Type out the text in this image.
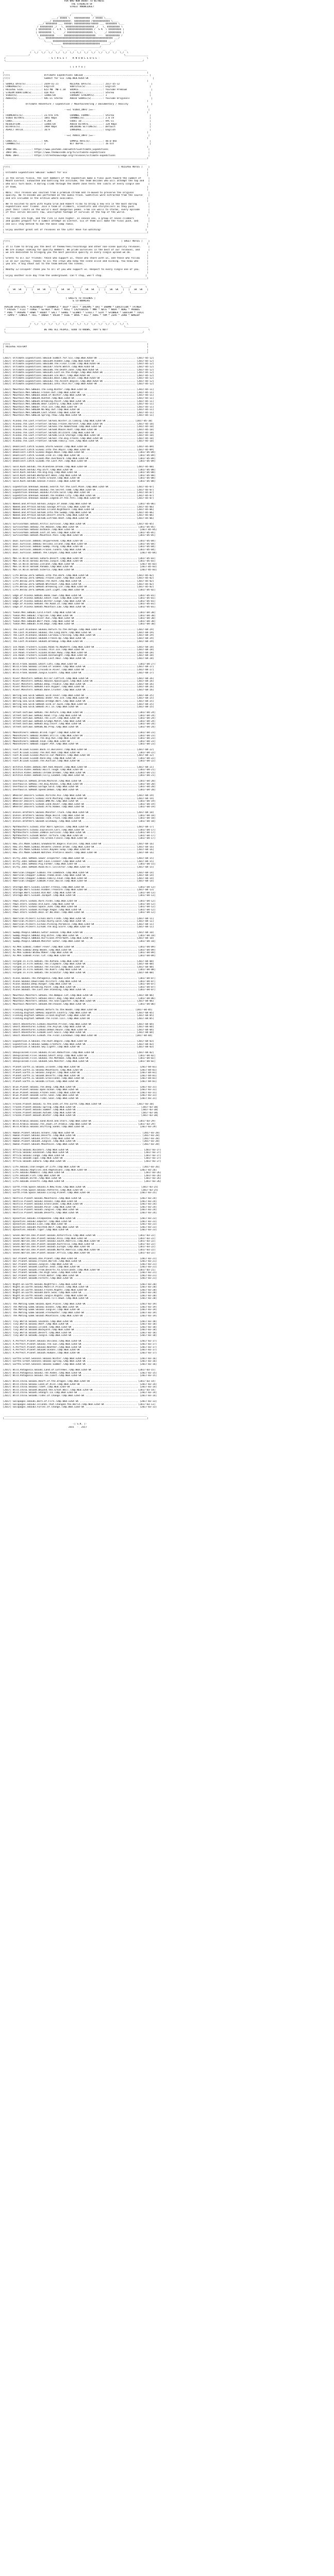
FOR WHO NOW DOUBT TO WITNESS
THE STRENGTH OF
STREET KNOWLEDGE?
______________
_______ /              \ _______
____/ $$$$$ \   $$$$$$$$$$$  / $$$$$ \____
____/ $$$$$$$$$$$$\  $$$$$$$$$$$ /$$$$$$$$$$$$ \____
___/ $$$$$$$$ ___ $$$$$\ $$$$$$$$$$$/$$$$$ ___ $$$$$$$$ \___
/ $$$$$$$$$ _/   \_ $$$$$$$$$$$$$$$$$$$$ _/   \_ $$$$$$$$$ \
| $$$$$$$$$ /  S K  \ $$$$$$$$$$$$$$$$$$ /  S K  \ $$$$$$$$$ |
| $$$$$$$$$ \_     _/ $$$$$$$$$$$$$$$$$$ \_     _/ $$$$$$$$$ |
\ $$$$$$$$$$  ---  $$$$$$$$$$$$$$$$$$$$$$  ---  $$$$$$$$$$ /
\___ $$$$$$$$$$$$$$$$$$$$$$$$$$$$$$$$$$$$$$$$$$$$$$$ ___/
\____ $$$$$$$$$$$$$$$$$$$$$$$$$$$$$$$$$$$$$$ ____/
\______ $$$$$$$$$$$$$$$$$$$$$$$$$$ ______/
\__________________________/
__   __   __   __   __   __   __   __   __   __   __   __   __   __
/  \_/  \_/  \_/  \_/  \_/  \_/  \_/  \_/  \_/  \_/  \_/  \_/  \_/  \
________________/                                                                  \________________
/                              - S T R E E T    K N O W L E D G E -                                 \
\________________________________________________________________________________________________/
[ i n f o ]
____________________________________________________________________________________________________
|                                                                                                    |
|\\\\                        Ultimate Expeditions S0E1E0 ............................................. |
|\\\\                        Summit for Six 720p.WEB.H264-SK                                             |
|                                                                                                    |
| SOURCE DATE(S)...........: 2oo9-o1-21        RELEASE DATE(S)........: 2o17-o5-12                      |
| LANGUAGE(S)..............: English           SUBTITLE(S)............: English                        |
| RELEASE SIZE.............: 623 MB  MB-1.18   SOURCE.................: YouTube Premium                 |
| STREAM DURATION(S).......: 42m Min           STREAM(S)..............: Stereo                         |
| VIDEO(S).................: 1280x720          CURRENT STREAM(S)......: 1                              |
| AUDIO(S).................: AAC-LC Stereo     AUDIO SOURCE(S)........: YouTube Originals               |
|                                                                                                    |
|               Ultimate Adventure / Expedition / Mountaineering / Documentary / Reality                |
|                                                                                                    |
|                                          --==[ VIDEO_INFO ]==--                                     |
|                                                                                                    |
| FRAMERATE(S).............: 23.976 FPS        CHANNEL FORMAT.........: Stereo                         |
| VIDEO BITRATE............: 1841 Kbps         CHANNEL(S).............: 2.0 ch                         |
| CODEC....................: H.264             CODEC ID...............: AAC-LC                         |
| RESOLUTION...............: 1280x720          AUDIO BITRATE..........: 128 Kbps                       |
| BITRATE(S)...............: 1969 Kbps         ENCODING SETTING(S)....: Default                        |
| ASPECT RATIO.............: 16:9              LANGUAGE...............: English                        |
|                                                                                                    |
|                                          --==[ AUDIO_INFO ]==--                                     |
|                                                                                                    |
| CODEC(S).................: AAC               SAMPLE RATE(S).........: 48.0 kHz                       |
| CHANNEL(S)...............: 2                 BIT DEPTH..............: 16 bit                         |
|                                                                                                    |
| IMDB URL..........: https://www.youtube.com/watch?v=Ultimate_Expeditions                            |
| INFO URL..........: https://www.themoviedb.org/tv/ultimate-expeditions                              |
| MORE INFO.........: https://streetknowledge.org/releases/ultimate-expeditions                       |
|____________________________________________________________________________________________________|
____________________________________________________________________________________________________
|\\\\                                                                            [ RELEASE NOTES ]    |
|                                                                                                    |
| Ultimate Expeditions S0E1E0: Summit for Six                                                        |
|                                                                                                    |
| In the series finale, the last members of the expedition make a final push toward the summit of     |
| Mount Everest. Exhausted and battling the altitude, the team decides who will attempt the top and   |
| who will turn back. A daring climb through the death zone tests the limits of every single one      |
| of them.                                                                                           |
|                                                                                                    |
| NOTE: This release was sourced from a premium stream and re-muxed to preserve the original          |
| quality. No re-encode was performed on the audio track. Subtitles were extracted from the source    |
| and are included in the archive where available.                                                   |
|                                                                                                    |
| We're excited to work with Alpha Grid and Robert Films to bring a new era in the most daring        |
| expeditions ever filmed. Join a team of climbers, scientists and storytellers as they push          |
| past their limits on the world's most dangerous peaks. From ice walls to storms, every episode      |
| of this series delivers raw, unscripted footage of survival at the top of the world.                |
|                                                                                                    |
| The climbs are high, and the risk is even higher. In season one, a group of seven climbers          |
| and guides prepare for a summit attempt on Everest. Six of them will make the final push, and       |
| one will stay behind to man the base camp radio.                                                   |
|                                                                                                    |
| Enjoy another great set of releases on the 12th! Have fun watching!                               |
|____________________________________________________________________________________________________|
____________________________________________________________________________________________________
|\\\\                                                                              [ GREET NOTES ]    |
|                                                                                                    |
| It is time to bring you the best of theme/reel/recordings and other non-scene quality releases.     |
| We are always looking for quality members. We pride ourselves in the best of our releases, and      |
| we are dedicated to bringing you the best possible quality in every single upload we do.           |
|                                                                                                    |
| Greets to all our friends: those who support us, those who share with us, and those who follow     |
| us on our journey. Thanks to all the crews who keep the scene alive and kicking. You know who      |
| you are. A big shout out to the team behind the scenes.                                            |
|                                                                                                    |
| Nearby 12-inlayed? Thank you to all of you who support us. Respect to every single one of you.     |
|                                                                                                    |
| Enjoy another nice day from the underground. Can't stop, won't stop.                              |
|____________________________________________________________________________________________________|
__________       __________       __________       __________       __________       __________
/          \_____/          \_____/          \_____/          \_____/          \_____/          \
|   SK  SK   |   |   SK  SK   |   |   SK  SK   |   |   SK  SK   |   |   SK  SK   |   |   SK  SK   |
\__________/     \__________/     \__________/     \__________/     \__________/     \__________/
[ GREETS TO FRIENDS ]
& CO-WORKERS
____________
AVALON 4POSTERS * ACHERWOLD * CROWNPLO * DEEP * DEFT * DREAMS * DRI * DUBMW * EDUCATION * FATNER
* FRIGUS * FIZZ * FORGE * GETHER * HEAT * KOGI * LAZYCHAIRS * MMR * NATE * NOVA * NUKE * PHOBOS
* POKE * PRAGMA * RAWR * RUDDY * SALT * SHAKE * SLUNKY * STRICT * SLAY * SPINNER * SUBTEAM * TOXIC
* TEMPO * TINKER * TOLL * UNDER * VALOR * VIBE * WAVE * WIZ * XORG * YUM * ZERO * ZORB * WAKEUP
__   __   __   __   __   __   __   __   __   __   __   __   __   __
/  \_/  \_/  \_/  \_/  \_/  \_/  \_/  \_/  \_/  \_/  \_/  \_/  \_/  \
________________/                                                                  \________________
/                           WE ARE ALL PEOPLE, GOOD TO KNOWS, THAT'S NOT!                            \
\________________________________________________________________________________________________/
____________________________________________________________________________________________________
|\\\\                                                                                                |
| RELEASE HISTORY                                                                                    |
|                                                                                                    |
|____________________________________________________________________________________________________|
[2017] Ultimate.Expeditions.S0E1E0.Summit.for.Six.720p.WEB.H264-SK .......................... [2017-05-12]
[2017] Ultimate.Expeditions.S0E1E09.Hidden.Camp.720p.WEB.H264-SK ............................ [2017-05-12]
[2017] Ultimate.Expeditions.S0E1E08.The.Final.Climb.720p.WEB.H264-SK ........................ [2017-05-12]
[2017] Ultimate.Expeditions.S0E1E07.Storm.Watch.720p.WEB.H264-SK ............................ [2017-05-12]
[2017] Ultimate.Expeditions.S0E1E06.The.Death.Zone.720p.WEB.H264-SK ......................... [2017-05-12]
[2017] Ultimate.Expeditions.S0E1E05.Lost.on.the.Ridge.720p.WEB.H264-SK ...................... [2017-05-12]
[2017] Ultimate.Expeditions.S0E1E04.Ice.Wall.720p.WEB.H264-SK ............................... [2017-05-12]
[2017] Ultimate.Expeditions.S0E1E03.Base.Camp.Blues.720p.WEB.H264-SK ........................ [2017-05-12]
[2017] Ultimate.Expeditions.S0E1E02.The.Ascent.Begins.720p.WEB.H264-SK ...................... [2017-05-12]
[2017] Ultimate.Expeditions.S0E1E01.Into.Thin.Air.720p.WEB.H264-SK .......................... [2017-05-12]
[2017] Mountain.Men.S06E01.The.Long.Winter.720p.WEB.x264-SK ................................. [2017-05-11]
[2017] Mountain.Men.S06E02.Frozen.Out.720p.WEB.x264-SK ...................................... [2017-05-11]
[2017] Mountain.Men.S06E03.Dead.of.Winter.720p.WEB.x264-SK .................................. [2017-05-11]
[2017] Mountain.Men.S06E04.Hunted.720p.WEB.x264-SK .......................................... [2017-05-11]
[2017] Mountain.Men.S06E05.Breaking.Point.720p.WEB.x264-SK .................................. [2017-05-11]
[2017] Mountain.Men.S06E06.Bear.Country.720p.WEB.x264-SK .................................... [2017-05-11]
[2017] Mountain.Men.S06E07.Thin.Ice.720p.WEB.x264-SK ........................................ [2017-05-11]
[2017] Mountain.Men.S06E08.No.Way.Out.720p.WEB.x264-SK ...................................... [2017-05-11]
[2017] Mountain.Men.S06E09.Last.Stand.720p.WEB.x264-SK ...................................... [2017-05-11]
[2017] Mountain.Men.S06E10.Spring.Thaw.720p.WEB.x264-SK ..................................... [2017-05-11]
[2017] Alaska.The.Last.Frontier.S07E01.Winter.Is.Coming.720p.WEB.x264-SK ................... [2017-05-10]
[2017] Alaska.The.Last.Frontier.S07E02.Frozen.Harvest.720p.WEB.x264-SK ...................... [2017-05-10]
[2017] Alaska.The.Last.Frontier.S07E03.The.Homestead.720p.WEB.x264-SK ....................... [2017-05-10]
[2017] Alaska.The.Last.Frontier.S07E04.Moose.Hunt.720p.WEB.x264-SK .......................... [2017-05-10]
[2017] Alaska.The.Last.Frontier.S07E05.Blizzard.720p.WEB.x264-SK ............................ [2017-05-10]
[2017] Alaska.The.Last.Frontier.S07E06.Cold.Storage.720p.WEB.x264-SK ........................ [2017-05-10]
[2017] Alaska.The.Last.Frontier.S07E07.The.Big.Freeze.720p.WEB.x264-SK ...................... [2017-05-10]
[2017] Alaska.The.Last.Frontier.S07E08.Family.Ties.720p.WEB.x264-SK ......................... [2017-05-10]
[2017] Deadliest.Catch.S13E01.Storm.Season.720p.WEB.x264-SK ................................. [2017-05-09]
[2017] Deadliest.Catch.S13E02.Into.the.Abyss.720p.WEB.x264-SK ............................... [2017-05-09]
[2017] Deadliest.Catch.S13E03.Rogue.Wave.720p.WEB.x264-SK .................................... [2017-05-09]
[2017] Deadliest.Catch.S13E04.Iced.In.720p.WEB.x264-SK ....................................... [2017-05-09]
[2017] Deadliest.Catch.S13E05.Man.Overboard.720p.WEB.x264-SK ................................. [2017-05-09]
[2017] Deadliest.Catch.S13E06.The.Last.Pot.720p.WEB.x264-SK .................................. [2017-05-09]
[2017] Gold.Rush.S07E01.The.Klondike.Dream.720p.WEB.x264-SK ................................. [2017-05-08]
[2017] Gold.Rush.S07E02.Pay.Dirt.720p.WEB.x264-SK ............................................ [2017-05-08]
[2017] Gold.Rush.S07E03.The.Big.Dig.720p.WEB.x264-SK ......................................... [2017-05-08]
[2017] Gold.Rush.S07E04.Washplant.Woes.720p.WEB.x264-SK ...................................... [2017-05-08]
[2017] Gold.Rush.S07E05.Frozen.Ground.720p.WEB.x264-SK ....................................... [2017-05-08]
[2017] Gold.Rush.S07E06.Season.Finale.720p.WEB.x264-SK ....................................... [2017-05-08]
[2017] Expedition.Unknown.S03E01.Search.for.the.Lost.Mine.720p.WEB.x264-SK .................. [2017-05-07]
[2017] Expedition.Unknown.S03E02.The.Secret.Tomb.720p.WEB.x264-SK ........................... [2017-05-07]
[2017] Expedition.Unknown.S03E03.Pirate.Gold.720p.WEB.x264-SK ............................... [2017-05-07]
[2017] Expedition.Unknown.S03E04.The.Hidden.City.720p.WEB.x264-SK ........................... [2017-05-07]
[2017] Expedition.Unknown.S03E05.Legend.of.the.Yeti.720p.WEB.x264-SK ........................ [2017-05-07]
[2017] Naked.and.Afraid.S07E01.Jungle.of.Doom.720p.WEB.x264-SK ............................... [2017-05-06]
[2017] Naked.and.Afraid.S07E02.Savage.Africa.720p.WEB.x264-SK ............................... [2017-05-06]
[2017] Naked.and.Afraid.S07E03.Island.Nightmare.720p.WEB.x264-SK ............................ [2017-05-06]
[2017] Naked.and.Afraid.S07E04.Into.the.Swamp.720p.WEB.x264-SK .............................. [2017-05-06]
[2017] Naked.and.Afraid.S07E05.Desert.Storm.720p.WEB.x264-SK ................................ [2017-05-06]
[2017] Naked.and.Afraid.S07E06.Extreme.Heat.720p.WEB.x264-SK ................................ [2017-05-06]
[2017] Survivorman.S05E01.Arctic.Survival.720p.WEB.x264-SK .................................. [2017-05-05]
[2017] Survivorman.S05E02.The.Amazon.720p.WEB.x264-SK ........................................ [2017-05-05]
[2017] Survivorman.S05E03.Outback.720p.WEB.x264-SK ............................................ [2017-05-05]
[2017] Survivorman.S05E04.Lost.at.Sea.720p.WEB.x264-SK ....................................... [2017-05-05]
[2017] Survivorman.S05E05.Mountain.Pass.720p.WEB.x264-SK ..................................... [2017-05-05]
[2017] Dual.Survival.S08E01.Shipwrecked.720p.WEB.x264-SK ..................................... [2017-05-04]
[2017] Dual.Survival.S08E02.Volcano.Island.720p.WEB.x264-SK .................................. [2017-05-04]
[2017] Dual.Survival.S08E03.Swamp.Thing.720p.WEB.x264-SK ..................................... [2017-05-04]
[2017] Dual.Survival.S08E04.Frozen.Tundra.720p.WEB.x264-SK ................................... [2017-05-04]
[2017] Dual.Survival.S08E05.The.Canyon.720p.WEB.x264-SK ....................................... [2017-05-04]
[2017] Man.vs.Wild.S07E01.Sahara.Desert.720p.WEB.x264-SK ..................................... [2017-05-03]
[2017] Man.vs.Wild.S07E02.Borneo.Jungle.720p.WEB.x264-SK ..................................... [2017-05-03]
[2017] Man.vs.Wild.S07E03.Iceland.720p.WEB.x264-SK ............................................ [2017-05-03]
[2017] Man.vs.Wild.S07E04.Panama.720p.WEB.x264-SK ............................................. [2017-05-03]
[2017] Man.vs.Wild.S07E05.Siberia.720p.WEB.x264-SK ............................................ [2017-05-03]
[2017] Life.Below.Zero.S09E01.Into.the.Dark.720p.WEB.x264-SK ................................ [2017-05-02]
[2017] Life.Below.Zero.S09E02.Frozen.Lake.720p.WEB.x264-SK .................................. [2017-05-02]
[2017] Life.Below.Zero.S09E03.The.Hunt.720p.WEB.x264-SK ..................................... [2017-05-02]
[2017] Life.Below.Zero.S09E04.Whiteout.720p.WEB.x264-SK ..................................... [2017-05-02]
[2017] Life.Below.Zero.S09E05.Breaking.Ice.720p.WEB.x264-SK ................................. [2017-05-02]
[2017] Life.Below.Zero.S09E06.Last.Light.720p.WEB.x264-SK .................................... [2017-05-02]
[2017] Edge.of.Alaska.S04E01.Boom.Town.720p.WEB.x264-SK ...................................... [2017-05-01]
[2017] Edge.of.Alaska.S04E02.Ghost.Town.720p.WEB.x264-SK ..................................... [2017-05-01]
[2017] Edge.of.Alaska.S04E03.Winter.Siege.720p.WEB.x264-SK ................................... [2017-05-01]
[2017] Edge.of.Alaska.S04E04.The.Road.In.720p.WEB.x264-SK .................................... [2017-05-01]
[2017] Edge.of.Alaska.S04E05.Mountain.Law.720p.WEB.x264-SK ................................... [2017-05-01]
[2017] Yukon.Men.S06E01.Cold.Front.720p.WEB.x264-SK .......................................... [2017-04-30]
[2017] Yukon.Men.S06E02.Trapline.720p.WEB.x264-SK ............................................ [2017-04-30]
[2017] Yukon.Men.S06E03.River.Run.720p.WEB.x264-SK ........................................... [2017-04-30]
[2017] Yukon.Men.S06E04.Wolf.Pack.720p.WEB.x264-SK ........................................... [2017-04-30]
[2017] Yukon.Men.S06E05.Sled.Dogs.720p.WEB.x264-SK ........................................... [2017-04-30]
[2017] The.Last.Alaskans.S03E01.Return.to.the.Refuge.720p.WEB.x264-SK ....................... [2017-04-29]
[2017] The.Last.Alaskans.S03E02.The.Long.Dark.720p.WEB.x264-SK .............................. [2017-04-29]
[2017] The.Last.Alaskans.S03E03.Caribou.Crossing.720p.WEB.x264-SK ........................... [2017-04-29]
[2017] The.Last.Alaskans.S03E04.Freeze.Up.720p.WEB.x264-SK .................................. [2017-04-29]
[2017] The.Last.Alaskans.S03E05.Breakup.720p.WEB.x264-SK .................................... [2017-04-29]
[2017] Ice.Road.Truckers.S11E01.Road.to.Nowhere.720p.WEB.x264-SK ............................ [2017-04-28]
[2017] Ice.Road.Truckers.S11E02.Thin.Ice.720p.WEB.x264-SK ................................... [2017-04-28]
[2017] Ice.Road.Truckers.S11E03.Blown.Away.720p.WEB.x264-SK ................................. [2017-04-28]
[2017] Ice.Road.Truckers.S11E04.Overweight.720p.WEB.x264-SK ................................. [2017-04-28]
[2017] Ice.Road.Truckers.S11E05.Last.Haul.720p.WEB.x264-SK .................................. [2017-04-28]
[2017] Wild.Frank.S03E01.Ghost.Cats.720p.WEB.x264-SK ......................................... [2017-04-27]
[2017] Wild.Frank.S03E02.Island.of.Snakes.720p.WEB.x264-SK .................................. [2017-04-27]
[2017] Wild.Frank.S03E03.Crocodile.River.720p.WEB.x264-SK ................................... [2017-04-27]
[2017] Wild.Frank.S03E04.Jungle.Giants.720p.WEB.x264-SK ..................................... [2017-04-27]
[2017] River.Monsters.S09E01.Killer.Catfish.720p.WEB.x264-SK ................................ [2017-04-26]
[2017] River.Monsters.S09E02.Amazon.Apocalypse.720p.WEB.x264-SK ............................. [2017-04-26]
[2017] River.Monsters.S09E03.Deep.Trouble.720p.WEB.x264-SK .................................. [2017-04-26]
[2017] River.Monsters.S09E04.Face.Ripper.720p.WEB.x264-SK ................................... [2017-04-26]
[2017] River.Monsters.S09E05.Bone.Crusher.720p.WEB.x264-SK .................................. [2017-04-26]
[2017] Bering.Sea.Gold.S08E01.Gold.Fever.720p.WEB.x264-SK ................................... [2017-04-25]
[2017] Bering.Sea.Gold.S08E02.Under.the.Ice.720p.WEB.x264-SK ................................ [2017-04-25]
[2017] Bering.Sea.Gold.S08E03.Dredge.Wars.720p.WEB.x264-SK .................................. [2017-04-25]
[2017] Bering.Sea.Gold.S08E04.Sink.or.Swim.720p.WEB.x264-SK ................................. [2017-04-25]
[2017] Bering.Sea.Gold.S08E05.All.In.720p.WEB.x264-SK ....................................... [2017-04-25]
[2017] Street.Outlaws.S09E01.The.Return.720p.WEB.x264-SK ..................................... [2017-04-24]
[2017] Street.Outlaws.S09E02.Road.Trip.720p.WEB.x264-SK ...................................... [2017-04-24]
[2017] Street.Outlaws.S09E03.The.List.720p.WEB.x264-SK ....................................... [2017-04-24]
[2017] Street.Outlaws.S09E04.Grudge.Match.720p.WEB.x264-SK ................................... [2017-04-24]
[2017] Street.Outlaws.S09E05.Big.Chief.720p.WEB.x264-SK ...................................... [2017-04-24]
[2017] Street.Outlaws.S09E06.No.Prep.720p.WEB.x264-SK ........................................ [2017-04-24]
[2017] Moonshiners.S06E01.Blind.Tiger.720p.WEB.x264-SK ....................................... [2017-04-23]
[2017] Moonshiners.S06E02.Hidden.Stills.720p.WEB.x264-SK ..................................... [2017-04-23]
[2017] Moonshiners.S06E03.The.Big.Run.720p.WEB.x264-SK ....................................... [2017-04-23]
[2017] Moonshiners.S06E04.Feud.720p.WEB.x264-SK .............................................. [2017-04-23]
[2017] Moonshiners.S06E05.Copper.Pot.720p.WEB.x264-SK ........................................ [2017-04-23]
[2017] Fast.N.Loud.S11E01.Back.in.Business.720p.WEB.x264-SK ................................. [2017-04-22]
[2017] Fast.N.Loud.S11E02.The.Rat.Rod.720p.WEB.x264-SK ....................................... [2017-04-22]
[2017] Fast.N.Loud.S11E03.Muscle.Car.Madness.720p.WEB.x264-SK ............................... [2017-04-22]
[2017] Fast.N.Loud.S11E04.Race.Day.720p.WEB.x264-SK .......................................... [2017-04-22]
[2017] Fast.N.Loud.S11E05.The.Auction.720p.WEB.x264-SK ....................................... [2017-04-22]
[2017] Bitchin.Rides.S04E01.Hot.Rod.Heaven.720p.WEB.x264-SK ................................. [2017-04-21]
[2017] Bitchin.Rides.S04E02.Built.Tough.720p.WEB.x264-SK ..................................... [2017-04-21]
[2017] Bitchin.Rides.S04E03.Chrome.Dreams.720p.WEB.x264-SK ................................... [2017-04-21]
[2017] Bitchin.Rides.S04E04.Fully.Loaded.720p.WEB.x264-SK .................................... [2017-04-21]
[2017] Overhaulin.S09E01.Dream.Machine.720p.WEB.x264-SK ...................................... [2017-04-20]
[2017] Overhaulin.S09E02.The.Big.Reveal.720p.WEB.x264-SK ..................................... [2017-04-20]
[2017] Overhaulin.S09E03.Garage.Gold.720p.WEB.x264-SK ........................................ [2017-04-20]
[2017] Overhaulin.S09E04.Speed.Demon.720p.WEB.x264-SK ........................................ [2017-04-20]
[2017] Wheeler.Dealers.S14E01.Porsche.911.720p.WEB.x264-SK .................................. [2017-04-19]
[2017] Wheeler.Dealers.S14E02.Ford.Mustang.720p.WEB.x264-SK ................................. [2017-04-19]
[2017] Wheeler.Dealers.S14E03.BMW.M3.720p.WEB.x264-SK ........................................ [2017-04-19]
[2017] Wheeler.Dealers.S14E04.Land.Rover.720p.WEB.x264-SK .................................... [2017-04-19]
[2017] Wheeler.Dealers.S14E05.Alfa.Romeo.720p.WEB.x264-SK .................................... [2017-04-19]
[2017] Diesel.Brothers.S02E01.Monster.Truck.720p.WEB.x264-SK ................................ [2017-04-18]
[2017] Diesel.Brothers.S02E02.Mega.Build.720p.WEB.x264-SK .................................... [2017-04-18]
[2017] Diesel.Brothers.S02E03.Tank.Truck.720p.WEB.x264-SK .................................... [2017-04-18]
[2017] Diesel.Brothers.S02E04.Giveaway.720p.WEB.x264-SK ...................................... [2017-04-18]
[2017] Mythbusters.S15E01.Star.Wars.Special.720p.WEB.x264-SK ................................ [2017-04-17]
[2017] Mythbusters.S15E02.Explosive.Cars.720p.WEB.x264-SK .................................... [2017-04-17]
[2017] Mythbusters.S15E03.Zombie.Survival.720p.WEB.x264-SK ................................... [2017-04-17]
[2017] Mythbusters.S15E04.Water.Torture.720p.WEB.x264-SK ..................................... [2017-04-17]
[2017] Mythbusters.S15E05.The.Grand.Finale.720p.WEB.x264-SK .................................. [2017-04-17]
[2017] How.Its.Made.S28E01.Snowboards.Bagels.Violins.720p.WEB.x264-SK ....................... [2017-04-16]
[2017] How.Its.Made.S28E02.Helmets.Cheese.Drums.720p.WEB.x264-SK ............................ [2017-04-16]
[2017] How.Its.Made.S28E03.Glass.Kayaks.Soap.720p.WEB.x264-SK ............................... [2017-04-16]
[2017] How.Its.Made.S28E04.Watches.Pretzels.Boots.720p.WEB.x264-SK .......................... [2017-04-16]
[2017] Dirty.Jobs.S09E01.Sewer.Inspector.720p.WEB.x264-SK ................................... [2017-04-15]
[2017] Dirty.Jobs.S09E02.Bat.Cave.Cleaner.720p.WEB.x264-SK .................................. [2017-04-15]
[2017] Dirty.Jobs.S09E03.Pig.Farmer.720p.WEB.x264-SK ......................................... [2017-04-15]
[2017] Dirty.Jobs.S09E04.Road.Kill.Collector.720p.WEB.x264-SK ............................... [2017-04-15]
[2017] American.Chopper.S10E01.The.Comeback.720p.WEB.x264-SK ................................ [2017-04-14]
[2017] American.Chopper.S10E02.Theme.Bike.720p.WEB.x264-SK .................................. [2017-04-14]
[2017] American.Chopper.S10E03.Family.Feud.720p.WEB.x264-SK ................................. [2017-04-14]
[2017] American.Chopper.S10E04.Final.Build.720p.WEB.x264-SK ................................. [2017-04-14]
[2017] Storage.Wars.S11E01.Locker.Frenzy.720p.WEB.x264-SK .................................... [2017-04-13]
[2017] Storage.Wars.S11E02.Hidden.Treasure.720p.WEB.x264-SK ................................. [2017-04-13]
[2017] Storage.Wars.S11E03.Bid.War.720p.WEB.x264-SK .......................................... [2017-04-13]
[2017] Storage.Wars.S11E04.Jackpot.720p.WEB.x264-SK .......................................... [2017-04-13]
[2017] Pawn.Stars.S14E01.Rare.Finds.720p.WEB.x264-SK ......................................... [2017-04-12]
[2017] Pawn.Stars.S14E02.Old.Guns.720p.WEB.x264-SK ........................................... [2017-04-12]
[2017] Pawn.Stars.S14E03.Space.Junk.720p.WEB.x264-SK ......................................... [2017-04-12]
[2017] Pawn.Stars.S14E04.Vintage.Vegas.720p.WEB.x264-SK ...................................... [2017-04-12]
[2017] Pawn.Stars.S14E05.Deal.or.No.Deal.720p.WEB.x264-SK .................................... [2017-04-12]
[2017] American.Pickers.S17E01.Barn.Finds.720p.WEB.x264-SK .................................. [2017-04-11]
[2017] American.Pickers.S17E02.Rusty.Gold.720p.WEB.x264-SK .................................. [2017-04-11]
[2017] American.Pickers.S17E03.Picking.Paradise.720p.WEB.x264-SK ............................ [2017-04-11]
[2017] American.Pickers.S17E04.The.Big.Score.720p.WEB.x264-SK ............................... [2017-04-11]
[2017] Swamp.People.S08E01.Gator.Season.720p.WEB.x264-SK .................................... [2017-04-10]
[2017] Swamp.People.S08E02.Big.Bites.720p.WEB.x264-SK ........................................ [2017-04-10]
[2017] Swamp.People.S08E03.Hurricane.Aftermath.720p.WEB.x264-SK ............................. [2017-04-10]
[2017] Swamp.People.S08E04.Monster.Gator.720p.WEB.x264-SK .................................... [2017-04-10]
[2017] Ax.Men.S10E01.Timber.Fever.720p.WEB.x264-SK ........................................... [2017-04-09]
[2017] Ax.Men.S10E02.Deep.Woods.720p.WEB.x264-SK ............................................. [2017-04-09]
[2017] Ax.Men.S10E03.Widow.Maker.720p.WEB.x264-SK ............................................ [2017-04-09]
[2017] Ax.Men.S10E04.Final.Cut.720p.WEB.x264-SK .............................................. [2017-04-09]
[2017] Forged.in.Fire.S04E01.The.Katana.720p.WEB.x264-SK .................................... [2017-04-08]
[2017] Forged.in.Fire.S04E02.The.Claymore.720p.WEB.x264-SK .................................. [2017-04-08]
[2017] Forged.in.Fire.S04E03.The.Falcata.720p.WEB.x264-SK ................................... [2017-04-08]
[2017] Forged.in.Fire.S04E04.The.Kukri.720p.WEB.x264-SK ...................................... [2017-04-08]
[2017] Forged.in.Fire.S04E05.The.Scimitar.720p.WEB.x264-SK .................................. [2017-04-08]
[2017] Alone.S03E01.The.Patagonia.720p.WEB.x264-SK ........................................... [2017-04-07]
[2017] Alone.S03E02.Unwelcome.Visitors.720p.WEB.x264-SK ...................................... [2017-04-07]
[2017] Alone.S03E03.Deep.Hunger.720p.WEB.x264-SK ............................................. [2017-04-07]
[2017] Alone.S03E04.Breaking.Point.720p.WEB.x264-SK .......................................... [2017-04-07]
[2017] Alone.S03E05.The.Last.One.Standing.720p.WEB.x264-SK ................................... [2017-04-07]
[2017] Mountain.Monsters.S05E01.The.Wampus.Cat.720p.WEB.x264-SK ............................. [2017-04-06]
[2017] Mountain.Monsters.S05E02.Devil.Dog.720p.WEB.x264-SK ................................... [2017-04-06]
[2017] Mountain.Monsters.S05E03.The.Snallygaster.720p.WEB.x264-SK ........................... [2017-04-06]
[2017] Mountain.Monsters.S05E04.Hellhound.720p.WEB.x264-SK ................................... [2017-04-06]
[2017] Finding.Bigfoot.S09E01.Return.to.the.Woods.720p.WEB.x264-SK ......................... [2017-04-05]
[2017] Finding.Bigfoot.S09E02.Squatch.Country.720p.WEB.x264-SK .............................. [2017-04-05]
[2017] Finding.Bigfoot.S09E03.Island.Bigfoot.720p.WEB.x264-SK ............................... [2017-04-05]
[2017] Finding.Bigfoot.S09E04.The.Final.Call.720p.WEB.x264-SK ............................... [2017-04-05]
[2017] Ghost.Adventures.S14E01.Haunted.Prison.720p.WEB.x264-SK .............................. [2017-04-04]
[2017] Ghost.Adventures.S14E02.The.Asylum.720p.WEB.x264-SK .................................. [2017-04-04]
[2017] Ghost.Adventures.S14E03.Demon.House.720p.WEB.x264-SK ................................. [2017-04-04]
[2017] Ghost.Adventures.S14E04.Lost.Souls.720p.WEB.x264-SK .................................. [2017-04-04]
[2017] Ghost.Adventures.S14E05.The.Final.Lockdown.720p.WEB.x264-SK ......................... [2017-04-04]
[2017] Expedition.X.S01E01.The.Hunt.Begins.720p.WEB.x264-SK ................................. [2017-04-03]
[2017] Expedition.X.S01E02.Swamp.Creature.720p.WEB.x264-SK .................................. [2017-04-03]
[2017] Expedition.X.S01E03.Sky.Lights.720p.WEB.x264-SK ...................................... [2017-04-03]
[2017] Unexplained.Files.S03E01.Alien.Abduction.720p.WEB.x264-SK ............................ [2017-04-02]
[2017] Unexplained.Files.S03E02.Ghost.Ship.720p.WEB.x264-SK .................................. [2017-04-02]
[2017] Unexplained.Files.S03E03.The.Mothman.720p.WEB.x264-SK ................................. [2017-04-02]
[2017] Unexplained.Files.S03E04.Sea.Monster.720p.WEB.x264-SK ................................. [2017-04-02]
[2017] Planet.Earth.II.S01E01.Islands.720p.WEB.x264-SK ........................................ [2017-04-01]
[2017] Planet.Earth.II.S01E02.Mountains.720p.WEB.x264-SK ...................................... [2017-04-01]
[2017] Planet.Earth.II.S01E03.Jungles.720p.WEB.x264-SK ........................................ [2017-04-01]
[2017] Planet.Earth.II.S01E04.Deserts.720p.WEB.x264-SK ........................................ [2017-04-01]
[2017] Planet.Earth.II.S01E05.Grasslands.720p.WEB.x264-SK ..................................... [2017-04-01]
[2017] Planet.Earth.II.S01E06.Cities.720p.WEB.x264-SK ......................................... [2017-04-01]
[2017] Blue.Planet.S01E01.The.Deep.720p.WEB.x264-SK ........................................... [2017-03-31]
[2017] Blue.Planet.S01E02.Open.Ocean.720p.WEB.x264-SK ......................................... [2017-03-31]
[2017] Blue.Planet.S01E03.Frozen.Seas.720p.WEB.x264-SK ........................................ [2017-03-31]
[2017] Blue.Planet.S01E04.Coral.Seas.720p.WEB.x264-SK ......................................... [2017-03-31]
[2017] Blue.Planet.S01E05.Tidal.Seas.720p.WEB.x264-SK ......................................... [2017-03-31]
[2017] Frozen.Planet.S01E01.To.the.Ends.of.the.Earth.720p.WEB.x264-SK ....................... [2017-03-30]
[2017] Frozen.Planet.S01E02.Spring.720p.WEB.x264-SK ............................................ [2017-03-30]
[2017] Frozen.Planet.S01E03.Summer.720p.WEB.x264-SK ............................................ [2017-03-30]
[2017] Frozen.Planet.S01E04.Autumn.720p.WEB.x264-SK ............................................ [2017-03-30]
[2017] Frozen.Planet.S01E05.Winter.720p.WEB.x264-SK ............................................ [2017-03-30]
[2017] Wild.Arabia.S01E01.Sand.Wind.and.Stars.720p.WEB.x264-SK ............................... [2017-03-29]
[2017] Wild.Arabia.S01E02.The.Jewel.of.Arabia.720p.WEB.x264-SK ............................... [2017-03-29]
[2017] Wild.Arabia.S01E03.Shifting.Sands.720p.WEB.x264-SK ..................................... [2017-03-29]
[2017] Human.Planet.S01E01.Oceans.720p.WEB.x264-SK .............................................. [2017-03-28]
[2017] Human.Planet.S01E02.Deserts.720p.WEB.x264-SK ............................................. [2017-03-28]
[2017] Human.Planet.S01E03.Arctic.720p.WEB.x264-SK .............................................. [2017-03-28]
[2017] Human.Planet.S01E04.Jungles.720p.WEB.x264-SK ............................................. [2017-03-28]
[2017] Human.Planet.S01E05.Mountains.720p.WEB.x264-SK ........................................... [2017-03-28]
[2017] Africa.S01E01.Kalahari.720p.WEB.x264-SK ................................................... [2017-03-27]
[2017] Africa.S01E02.Savannah.720p.WEB.x264-SK ................................................... [2017-03-27]
[2017] Africa.S01E03.Congo.720p.WEB.x264-SK ...................................................... [2017-03-27]
[2017] Africa.S01E04.Cape.720p.WEB.x264-SK ....................................................... [2017-03-27]
[2017] Africa.S01E05.Sahara.720p.WEB.x264-SK ..................................................... [2017-03-27]
[2017] Life.S01E01.Challenges.of.Life.720p.WEB.x264-SK .......................................... [2017-03-26]
[2017] Life.S01E02.Reptiles.and.Amphibians.720p.WEB.x264-SK ................................... [2017-03-26]
[2017] Life.S01E03.Mammals.720p.WEB.x264-SK ...................................................... [2017-03-26]
[2017] Life.S01E04.Fish.720p.WEB.x264-SK ......................................................... [2017-03-26]
[2017] Life.S01E05.Birds.720p.WEB.x264-SK ........................................................ [2017-03-26]
[2017] Life.S01E06.Insects.720p.WEB.x264-SK ...................................................... [2017-03-26]
[2017] Earth.From.Space.S01E01.A.New.View.720p.WEB.x264-SK ..................................... [2017-03-25]
[2017] Earth.From.Space.S01E02.Patterns.720p.WEB.x264-SK ....................................... [2017-03-25]
[2017] Earth.From.Space.S01E03.Living.Planet.720p.WEB.x264-SK ................................. [2017-03-25]
[2017] Hostile.Planet.S01E01.Mountains.720p.WEB.x264-SK ....................................... [2017-03-24]
[2017] Hostile.Planet.S01E02.Oceans.720p.WEB.x264-SK .......................................... [2017-03-24]
[2017] Hostile.Planet.S01E03.Grasslands.720p.WEB.x264-SK ...................................... [2017-03-24]
[2017] Hostile.Planet.S01E04.Polar.720p.WEB.x264-SK ........................................... [2017-03-24]
[2017] Hostile.Planet.S01E05.Jungles.720p.WEB.x264-SK ......................................... [2017-03-24]
[2017] Hostile.Planet.S01E06.Deserts.720p.WEB.x264-SK ......................................... [2017-03-24]
[2017] Dynasties.S01E01.Chimpanzee.720p.WEB.x264-SK ........................................... [2017-03-23]
[2017] Dynasties.S01E02.Emperor.720p.WEB.x264-SK .............................................. [2017-03-23]
[2017] Dynasties.S01E03.Lion.720p.WEB.x264-SK ................................................. [2017-03-23]
[2017] Dynasties.S01E04.Painted.Wolf.720p.WEB.x264-SK ......................................... [2017-03-23]
[2017] Dynasties.S01E05.Tiger.720p.WEB.x264-SK ................................................ [2017-03-23]
[2017] Seven.Worlds.One.Planet.S01E01.Antarctica.720p.WEB.x264-SK ............................ [2017-03-22]
[2017] Seven.Worlds.One.Planet.S01E02.Asia.720p.WEB.x264-SK .................................. [2017-03-22]
[2017] Seven.Worlds.One.Planet.S01E03.South.America.720p.WEB.x264-SK ......................... [2017-03-22]
[2017] Seven.Worlds.One.Planet.S01E04.Australia.720p.WEB.x264-SK ............................. [2017-03-22]
[2017] Seven.Worlds.One.Planet.S01E05.Europe.720p.WEB.x264-SK ................................ [2017-03-22]
[2017] Seven.Worlds.One.Planet.S01E06.North.America.720p.WEB.x264-SK ......................... [2017-03-22]
[2017] Seven.Worlds.One.Planet.S01E07.Africa.720p.WEB.x264-SK ................................ [2017-03-22]
[2017] Our.Planet.S01E01.One.Planet.720p.WEB.x264-SK .......................................... [2017-03-21]
[2017] Our.Planet.S01E02.Frozen.Worlds.720p.WEB.x264-SK ....................................... [2017-03-21]
[2017] Our.Planet.S01E03.Jungles.720p.WEB.x264-SK ............................................. [2017-03-21]
[2017] Our.Planet.S01E04.Coastal.Seas.720p.WEB.x264-SK ........................................ [2017-03-21]
[2017] Our.Planet.S01E05.From.Deserts.to.Grasslands.720p.WEB.x264-SK ......................... [2017-03-21]
[2017] Our.Planet.S01E06.The.High.Seas.720p.WEB.x264-SK ....................................... [2017-03-21]
[2017] Our.Planet.S01E07.Fresh.Water.720p.WEB.x264-SK ......................................... [2017-03-21]
[2017] Our.Planet.S01E08.Forests.720p.WEB.x264-SK ............................................. [2017-03-21]
[2017] Night.on.Earth.S01E01.Nightfall.720p.WEB.x264-SK ....................................... [2017-03-20]
[2017] Night.on.Earth.S01E02.Moonlit.Plains.720p.WEB.x264-SK .................................. [2017-03-20]
[2017] Night.on.Earth.S01E03.Frozen.Nights.720p.WEB.x264-SK ................................... [2017-03-20]
[2017] Night.on.Earth.S01E04.Dark.Seas.720p.WEB.x264-SK ....................................... [2017-03-20]
[2017] Night.on.Earth.S01E05.Jungle.Nights.720p.WEB.x264-SK ................................... [2017-03-20]
[2017] Night.on.Earth.S01E06.Dusk.Till.Dawn.720p.WEB.x264-SK .................................. [2017-03-20]
[2017] The.Mating.Game.S01E01.Open.Plains.720p.WEB.x264-SK .................................... [2017-03-19]
[2017] The.Mating.Game.S01E02.Oceans.720p.WEB.x264-SK ......................................... [2017-03-19]
[2017] The.Mating.Game.S01E03.Jungles.720p.WEB.x264-SK ........................................ [2017-03-19]
[2017] The.Mating.Game.S01E04.Freshwater.720p.WEB.x264-SK ..................................... [2017-03-19]
[2017] The.Mating.Game.S01E05.Mountains.720p.WEB.x264-SK ...................................... [2017-03-19]
[2017] Tiny.World.S01E01.Savanna.720p.WEB.x264-SK ............................................. [2017-03-18]
[2017] Tiny.World.S01E02.Reef.720p.WEB.x264-SK ................................................ [2017-03-18]
[2017] Tiny.World.S01E03.Island.720p.WEB.x264-SK .............................................. [2017-03-18]
[2017] Tiny.World.S01E04.Backyard.720p.WEB.x264-SK ............................................ [2017-03-18]
[2017] Tiny.World.S01E05.Desert.720p.WEB.x264-SK .............................................. [2017-03-18]
[2017] Tiny.World.S01E06.Jungle.720p.WEB.x264-SK .............................................. [2017-03-18]
[2017] A.Perfect.Planet.S01E01.Volcano.720p.WEB.x264-SK ....................................... [2017-03-17]
[2017] A.Perfect.Planet.S01E02.The.Sun.720p.WEB.x264-SK ....................................... [2017-03-17]
[2017] A.Perfect.Planet.S01E03.Weather.720p.WEB.x264-SK ....................................... [2017-03-17]
[2017] A.Perfect.Planet.S01E04.Oceans.720p.WEB.x264-SK ........................................ [2017-03-17]
[2017] A.Perfect.Planet.S01E05.Humans.720p.WEB.x264-SK ........................................ [2017-03-17]
[2017] Earths.Great.Seasons.S01E01.Winter.720p.WEB.x264-SK .................................... [2017-03-16]
[2017] Earths.Great.Seasons.S01E02.Spring.720p.WEB.x264-SK .................................... [2017-03-16]
[2017] Earths.Great.Seasons.S01E03.Summer.720p.WEB.x264-SK .................................... [2017-03-16]
[2017] Wild.Patagonia.S01E01.Land.of.Extremes.720p.WEB.x264-SK ............................... [2017-03-15]
[2017] Wild.Patagonia.S01E02.The.Andes.720p.WEB.x264-SK ....................................... [2017-03-15]
[2017] Wild.Patagonia.S01E03.The.Coast.720p.WEB.x264-SK ....................................... [2017-03-15]
[2017] Wild.China.S01E01.Heart.of.the.Dragon.720p.WEB.x264-SK ................................ [2017-03-14]
[2017] Wild.China.S01E02.Land.of.Rice.720p.WEB.x264-SK ........................................ [2017-03-14]
[2017] Wild.China.S01E03.Tibet.720p.WEB.x264-SK ............................................... [2017-03-14]
[2017] Wild.China.S01E04.Beyond.the.Great.Wall.720p.WEB.x264-SK .............................. [2017-03-14]
[2017] Wild.China.S01E05.Shangri.La.720p.WEB.x264-SK .......................................... [2017-03-14]
[2017] Wild.China.S01E06.Tides.of.Change.720p.WEB.x264-SK ..................................... [2017-03-14]
[2017] Galapagos.S01E01.Born.of.Fire.720p.WEB.x264-SK ......................................... [2017-03-13]
[2017] Galapagos.S01E02.Islands.That.Changed.the.World.720p.WEB.x264-SK ...................... [2017-03-13]
[2017] Galapagos.S01E03.Forces.of.Change.720p.WEB.x264-SK ..................................... [2017-03-13]
____________________________________________________________________________________________________
|____________________________________________________________________________________________________|
-[ S.K. ]-
2oo1  -  2o17
